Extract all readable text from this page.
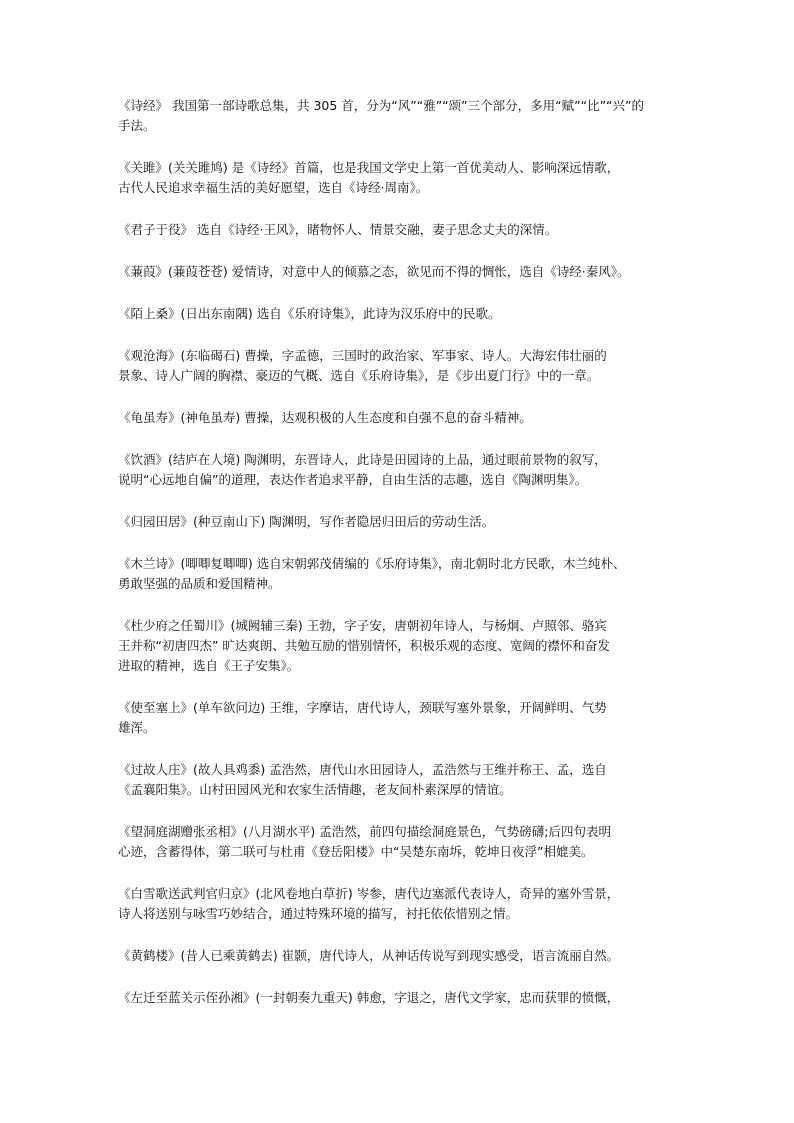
《诗经》 我国第一部诗歌总集，共 305 首，分为“风”“雅”“颂”三个部分，多用“赋”“比”“兴”的
手法。

《关雎》(关关雎鸠) 是《诗经》首篇，也是我国文学史上第一首优美动人、影响深远情歌，
古代人民追求幸福生活的美好愿望，选自《诗经·周南》。

《君子于役》 选自《诗经·王风》，睹物怀人、情景交融，妻子思念丈夫的深情。

《蒹葭》(蒹葭苍苍) 爱情诗，对意中人的倾慕之态，欲见而不得的惆怅，选自《诗经·秦风》。

《陌上桑》(日出东南隅) 选自《乐府诗集》，此诗为汉乐府中的民歌。

《观沧海》(东临碣石) 曹操，字孟德，三国时的政治家、军事家、诗人。大海宏伟壮丽的
景象、诗人广阔的胸襟、豪迈的气概、选自《乐府诗集》，是《步出夏门行》中的一章。

《龟虽寿》(神龟虽寿) 曹操，达观积极的人生态度和自强不息的奋斗精神。

《饮酒》(结庐在人境) 陶渊明，东晋诗人，此诗是田园诗的上品，通过眼前景物的叙写，
说明“心远地自偏”的道理，表达作者追求平静，自由生活的志趣，选自《陶渊明集》。

《归园田居》(种豆南山下) 陶渊明，写作者隐居归田后的劳动生活。

《木兰诗》(唧唧复唧唧) 选自宋朝郭茂倩编的《乐府诗集》，南北朝时北方民歌，木兰纯朴、
勇敢坚强的品质和爱国精神。

《杜少府之任蜀川》(城阙辅三秦) 王勃，字子安，唐朝初年诗人，与杨炯、卢照邻、骆宾
王并称“初唐四杰” 旷达爽朗、共勉互励的惜别情怀，积极乐观的态度、宽阔的襟怀和奋发
进取的精神，选自《王子安集》。

《使至塞上》(单车欲问边) 王维，字摩诘，唐代诗人，颈联写塞外景象，开阔鲜明、气势
雄浑。

《过故人庄》(故人具鸡黍) 孟浩然，唐代山水田园诗人，孟浩然与王维并称王、孟，选自
《孟襄阳集》。山村田园风光和农家生活情趣，老友间朴素深厚的情谊。

《望洞庭湖赠张丞相》(八月湖水平) 孟浩然，前四句描绘洞庭景色，气势磅礴;后四句表明
心迹，含蓄得体，第二联可与杜甫《登岳阳楼》中“吴楚东南坼，乾坤日夜浮”相媲美。

《白雪歌送武判官归京》(北风卷地白草折) 岑参，唐代边塞派代表诗人，奇异的塞外雪景，
诗人将送别与咏雪巧妙结合，通过特殊环境的描写，衬托依依惜别之情。

《黄鹤楼》(昔人已乘黄鹤去) 崔颢，唐代诗人，从神话传说写到现实感受，语言流丽自然。

《左迁至蓝关示侄孙湘》(一封朝奏九重天) 韩愈，字退之，唐代文学家，忠而获罪的愤慨，
